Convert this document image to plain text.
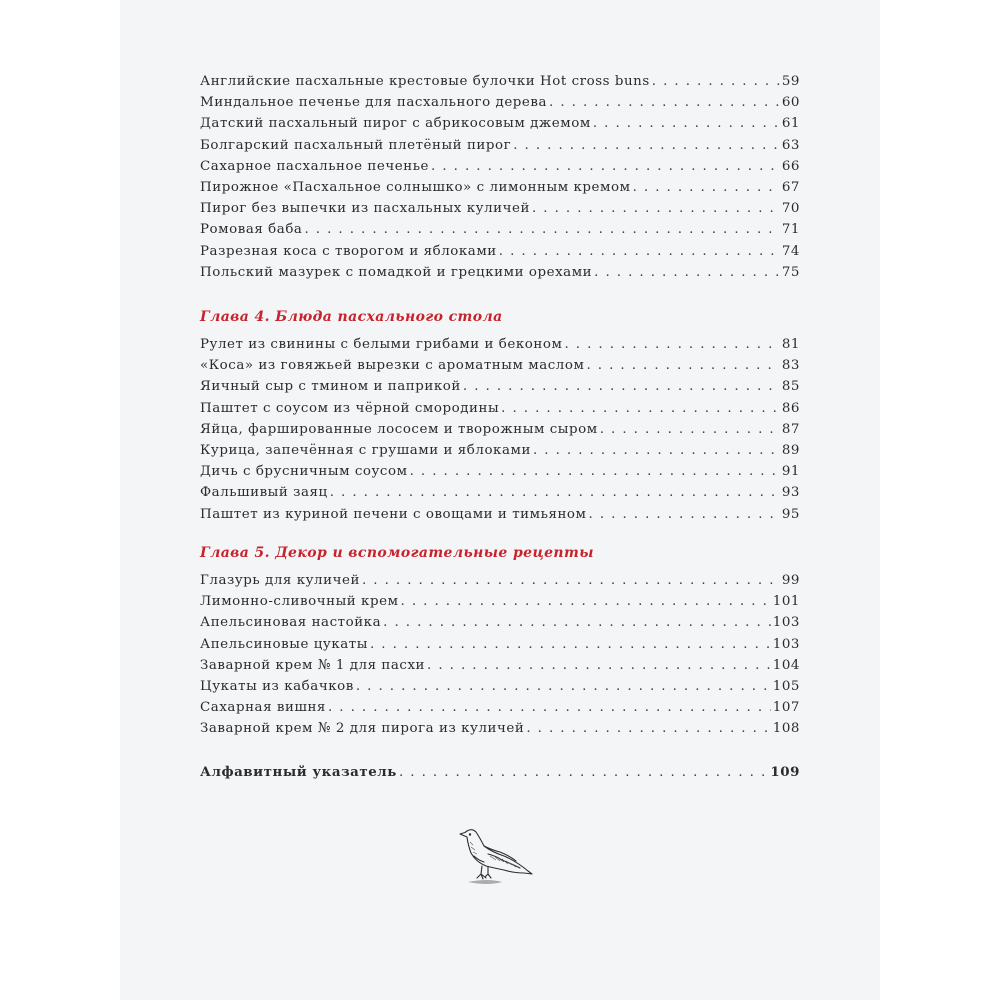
Английские пасхальные крестовые булочки Hot cross buns . . .	59
Миндальное печенье для пасхального дерева . . .	60
Датский пасхальный пирог с абрикосовым джемом . . .	61
Болгарский пасхальный плетёный пирог . . .	63
Сахарное пасхальное печенье . . .	66
Пирожное «Пасхальное солнышко» с лимонным кремом . . .	67
Пирог без выпечки из пасхальных куличей . . .	70
Ромовая баба . . .	71
Разрезная коса с творогом и яблоками . . .	74
Польский мазурек с помадкой и грецкими орехами . . .	75
Глава 4. Блюда пасхального стола
Рулет из свинины с белыми грибами и беконом . . .	81
«Коса» из говяжьей вырезки с ароматным маслом . . .	83
Яичный сыр с тмином и паприкой . . .	85
Паштет с соусом из чёрной смородины . . .	86
Яйца, фаршированные лососем и творожным сыром . . .	87
Курица, запечённая с грушами и яблоками . . .	89
Дичь с брусничным соусом . . .	91
Фальшивый заяц . . .	93
Паштет из куриной печени с овощами и тимьяном . . .	95
Глава 5. Декор и вспомогательные рецепты
Глазурь для куличей . . .	99
Лимонно-сливочный крем . . .	101
Апельсиновая настойка . . .	103
Апельсиновые цукаты . . .	103
Заварной крем № 1 для пасхи . . .	104
Цукаты из кабачков . . .	105
Сахарная вишня . . .	107
Заварной крем № 2 для пирога из куличей . . .	108
Алфавитный указатель . . .	109
